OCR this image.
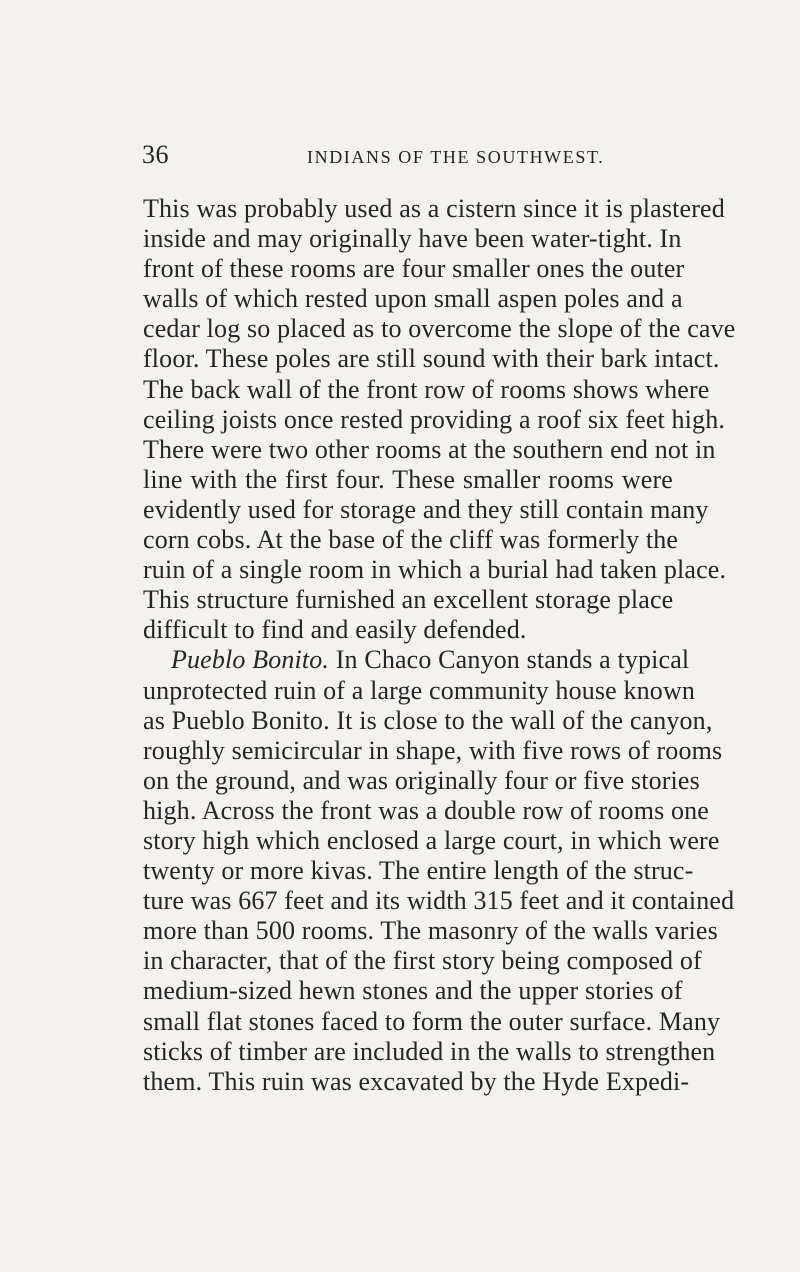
36	INDIANS OF THE SOUTHWEST.
This was probably used as a cistern since it is plastered
inside and may originally have been water-tight. In
front of these rooms are four smaller ones the outer
walls of which rested upon small aspen poles and a
cedar log so placed as to overcome the slope of the cave
floor. These poles are still sound with their bark intact.
The back wall of the front row of rooms shows where
ceiling joists once rested providing a roof six feet high.
There were two other rooms at the southern end not in
line with the first four. These smaller rooms were
evidently used for storage and they still contain many
corn cobs. At the base of the cliff was formerly the
ruin of a single room in which a burial had taken place.
This structure furnished an excellent storage place
difficult to find and easily defended.
Pueblo Bonito. In Chaco Canyon stands a typical
unprotected ruin of a large community house known
as Pueblo Bonito. It is close to the wall of the canyon,
roughly semicircular in shape, with five rows of rooms
on the ground, and was originally four or five stories
high. Across the front was a double row of rooms one
story high which enclosed a large court, in which were
twenty or more kivas. The entire length of the struc-
ture was 667 feet and its width 315 feet and it contained
more than 500 rooms. The masonry of the walls varies
in character, that of the first story being composed of
medium-sized hewn stones and the upper stories of
small flat stones faced to form the outer surface. Many
sticks of timber are included in the walls to strengthen
them. This ruin was excavated by the Hyde Expedi-
